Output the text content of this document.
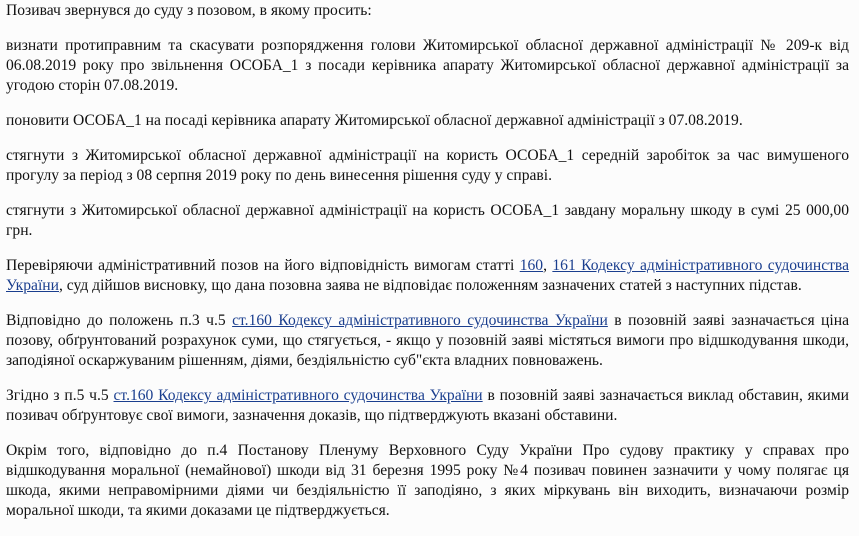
Позивач звернувся до суду з позовом, в якому просить:

визнати протиправним та скасувати розпорядження голови Житомирської обласної державної адміністрації № 209-к від 06.08.2019 року про звільнення ОСОБА_1 з посади керівника апарату Житомирської обласної державної адміністрації за угодою сторін 07.08.2019.

поновити ОСОБА_1 на посаді керівника апарату Житомирської обласної державної адміністрації з 07.08.2019.

стягнути з Житомирської обласної державної адміністрації на користь ОСОБА_1 середній заробіток за час вимушеного прогулу за період з 08 серпня 2019 року по день винесення рішення суду у справі.

стягнути з Житомирської обласної державної адміністрації на користь ОСОБА_1 завдану моральну шкоду в сумі 25 000,00 грн.

Перевіряючи адміністративний позов на його відповідність вимогам статті 160, 161 Кодексу адміністративного судочинства України, суд дійшов висновку, що дана позовна заява не відповідає положенням зазначених статей з наступних підстав.

Відповідно до положень п.3 ч.5 ст.160 Кодексу адміністративного судочинства України в позовній заяві зазначається ціна позову, обґрунтований розрахунок суми, що стягується, - якщо у позовній заяві містяться вимоги про відшкодування шкоди, заподіяної оскаржуваним рішенням, діями, бездіяльністю суб"єкта владних повноважень.

Згідно з п.5 ч.5 ст.160 Кодексу адміністративного судочинства України в позовній заяві зазначається виклад обставин, якими позивач обґрунтовує свої вимоги, зазначення доказів, що підтверджують вказані обставини.

Окрім того, відповідно до п.4 Постанову Пленуму Верховного Суду України Про судову практику у справах про відшкодування моральної (немайнової) шкоди від 31 березня 1995 року №4 позивач повинен зазначити у чому полягає ця шкода, якими неправомірними діями чи бездіяльністю її заподіяно, з яких міркувань він виходить, визначаючи розмір моральної шкоди, та якими доказами це підтверджується.
